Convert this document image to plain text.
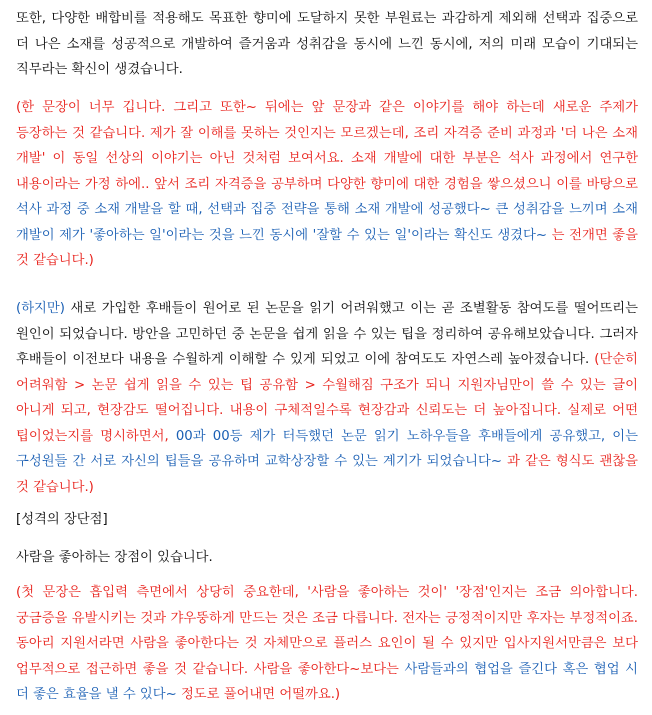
또한, 다양한 배합비를 적용해도 목표한 향미에 도달하지 못한 부원료는 과감하게 제외해 선택과 집중으로 더 나은 소재를 성공적으로 개발하여 즐거움과 성취감을 동시에 느낀 동시에, 저의 미래 모습이 기대되는 직무라는 확신이 생겼습니다.

(한 문장이 너무 깁니다. 그리고 또한~ 뒤에는 앞 문장과 같은 이야기를 해야 하는데 새로운 주제가 등장하는 것 같습니다. 제가 잘 이해를 못하는 것인지는 모르겠는데, 조리 자격증 준비 과정과 '더 나은 소재 개발' 이 동일 선상의 이야기는 아닌 것처럼 보여서요. 소재 개발에 대한 부분은 석사 과정에서 연구한 내용이라는 가정 하에.. 앞서 조리 자격증을 공부하며 다양한 향미에 대한 경험을 쌓으셨으니 이를 바탕으로 석사 과정 중 소재 개발을 할 때, 선택과 집중 전략을 통해 소재 개발에 성공했다~ 큰 성취감을 느끼며 소재 개발이 제가 '좋아하는 일'이라는 것을 느낀 동시에 '잘할 수 있는 일'이라는 확신도 생겼다~ 는 전개면 좋을 것 같습니다.)

(하지만) 새로 가입한 후배들이 원어로 된 논문을 읽기 어려워했고 이는 곧 조별활동 참여도를 떨어뜨리는 원인이 되었습니다. 방안을 고민하던 중 논문을 쉽게 읽을 수 있는 팁을 정리하여 공유해보았습니다. 그러자 후배들이 이전보다 내용을 수월하게 이해할 수 있게 되었고 이에 참여도도 자연스레 높아졌습니다. (단순히 어려워함 > 논문 쉽게 읽을 수 있는 팁 공유함 > 수월해짐 구조가 되니 지원자님만이 쓸 수 있는 글이 아니게 되고, 현장감도 떨어집니다. 내용이 구체적일수록 현장감과 신뢰도는 더 높아집니다. 실제로 어떤 팁이었는지를 명시하면서, 00과 00등 제가 터득했던 논문 읽기 노하우들을 후배들에게 공유했고, 이는 구성원들 간 서로 자신의 팁들을 공유하며 교학상장할 수 있는 계기가 되었습니다~ 과 같은 형식도 괜찮을 것 같습니다.)

[성격의 장단점]

사람을 좋아하는 장점이 있습니다.

(첫 문장은 흡입력 측면에서 상당히 중요한데, '사람을 좋아하는 것이' '장점'인지는 조금 의아합니다. 궁금증을 유발시키는 것과 갸우뚱하게 만드는 것은 조금 다릅니다. 전자는 긍정적이지만 후자는 부정적이죠. 동아리 지원서라면 사람을 좋아한다는 것 자체만으로 플러스 요인이 될 수 있지만 입사지원서만큼은 보다 업무적으로 접근하면 좋을 것 같습니다. 사람을 좋아한다~보다는 사람들과의 협업을 즐긴다 혹은 협업 시 더 좋은 효율을 낼 수 있다~ 정도로 풀어내면 어떨까요.)
